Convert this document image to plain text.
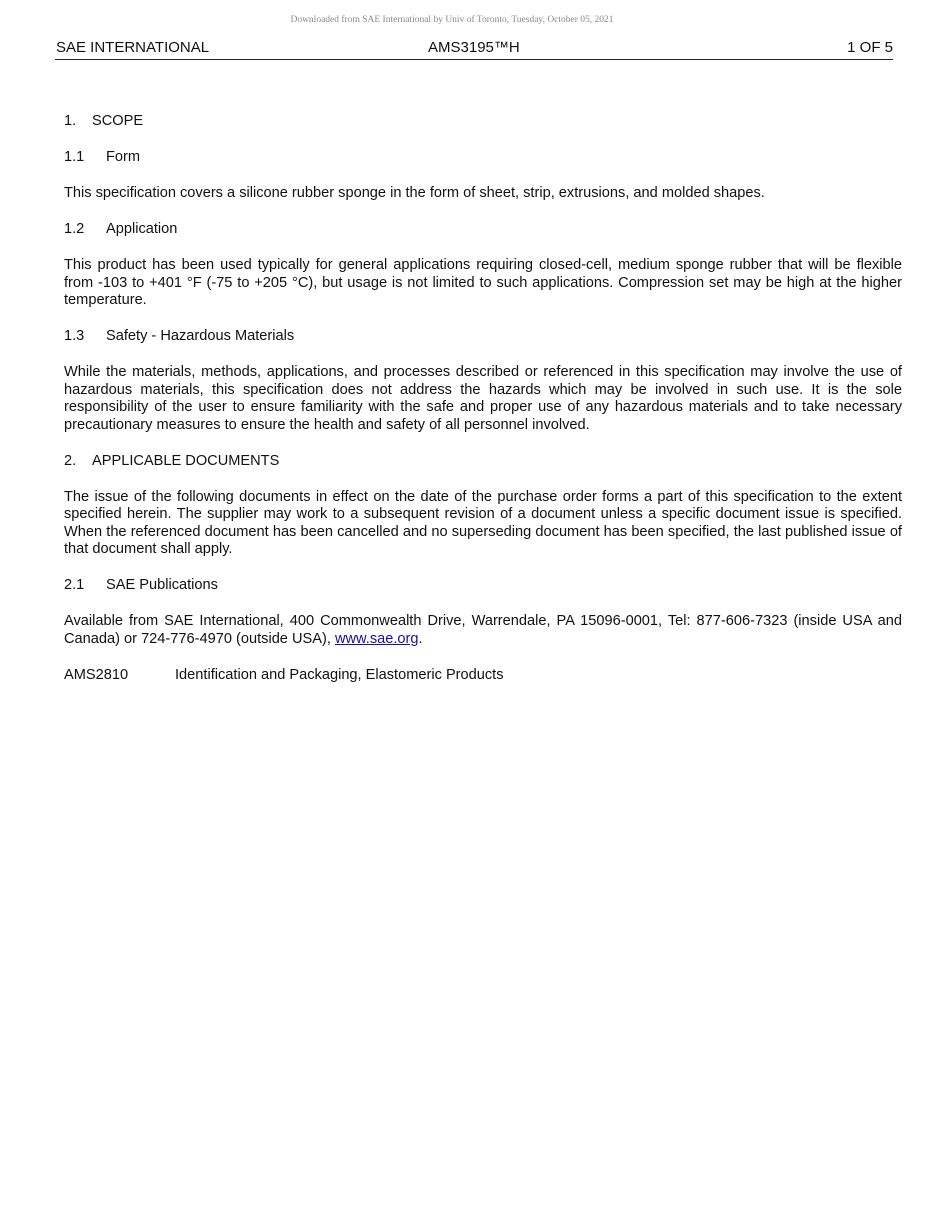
Downloaded from SAE International by Univ of Toronto, Tuesday, October 05, 2021
SAE INTERNATIONAL	AMS3195™H	1 OF 5
1. SCOPE
1.1 Form

This specification covers a silicone rubber sponge in the form of sheet, strip, extrusions, and molded shapes.

1.2 Application

This product has been used typically for general applications requiring closed-cell, medium sponge rubber that will be flexible from -103 to +401 °F (-75 to +205 °C), but usage is not limited to such applications. Compression set may be high at the higher temperature.

1.3 Safety - Hazardous Materials

While the materials, methods, applications, and processes described or referenced in this specification may involve the use of hazardous materials, this specification does not address the hazards which may be involved in such use. It is the sole responsibility of the user to ensure familiarity with the safe and proper use of any hazardous materials and to take necessary precautionary measures to ensure the health and safety of all personnel involved.

2. APPLICABLE DOCUMENTS

The issue of the following documents in effect on the date of the purchase order forms a part of this specification to the extent specified herein. The supplier may work to a subsequent revision of a document unless a specific document issue is specified. When the referenced document has been cancelled and no superseding document has been specified, the last published issue of that document shall apply.

2.1 SAE Publications

Available from SAE International, 400 Commonwealth Drive, Warrendale, PA 15096-0001, Tel: 877-606-7323 (inside USA and Canada) or 724-776-4970 (outside USA), www.sae.org.

AMS2810	Identification and Packaging, Elastomeric Products
